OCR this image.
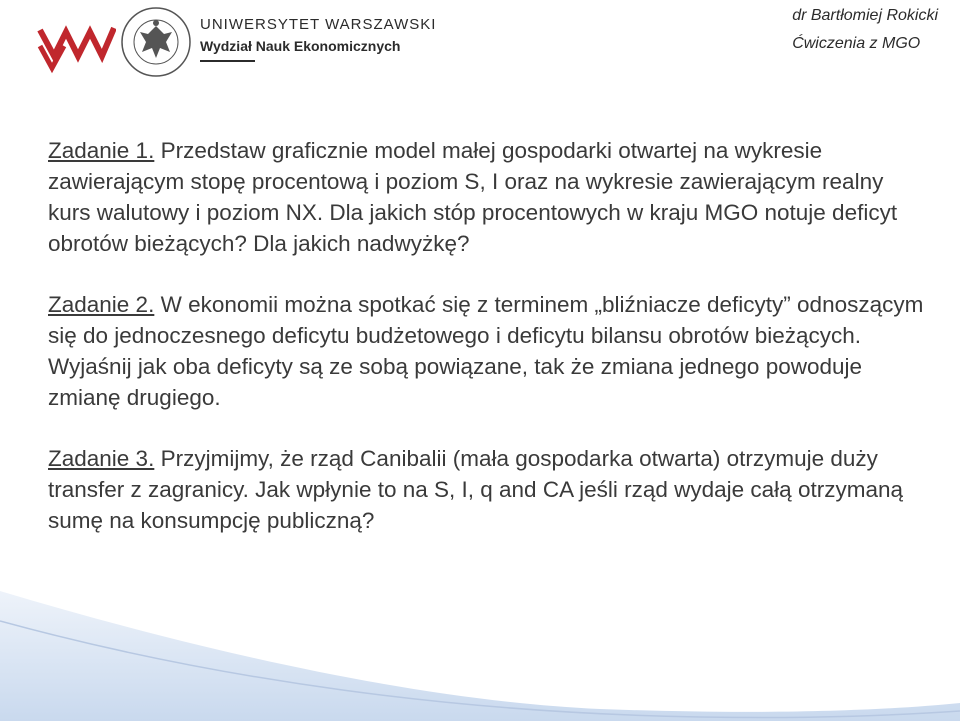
UNIWERSYTET WARSZAWSKI
Wydział Nauk Ekonomicznych
dr Bartłomiej Rokicki
Ćwiczenia z MGO

Zadanie 1. Przedstaw graficznie model małej gospodarki otwartej na wykresie zawierającym stopę procentową i poziom S, I oraz na wykresie zawierającym realny kurs walutowy i poziom NX. Dla jakich stóp procentowych w kraju MGO notuje deficyt obrotów bieżących? Dla jakich nadwyżkę?

Zadanie 2. W ekonomii można spotkać się z terminem „bliźniacze deficyty” odnoszącym się do jednoczesnego deficytu budżetowego i deficytu bilansu obrotów bieżących. Wyjaśnij jak oba deficyty są ze sobą powiązane, tak że zmiana jednego powoduje zmianę drugiego.

Zadanie 3. Przyjmijmy, że rząd Canibalii (mała gospodarka otwarta) otrzymuje duży transfer z zagranicy. Jak wpłynie to na S, I, q and CA jeśli rząd wydaje całą otrzymaną sumę na konsumpcję publiczną?
